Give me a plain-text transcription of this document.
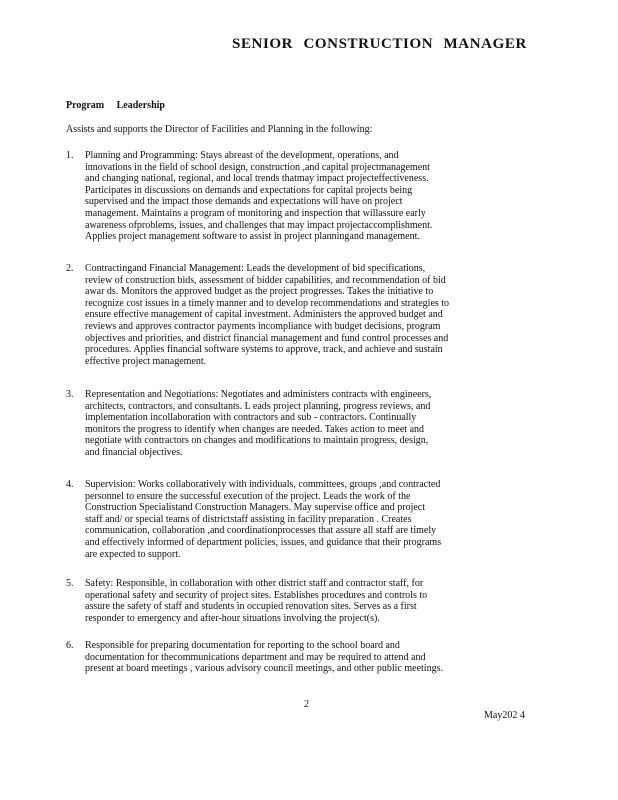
SENIOR CONSTRUCTION MANAGER
Program Leadership
Assists and supports the Director of Facilities and Planning in the following:
1. Planning and Programming: Stays abreast of the development, operations, and
innovations in the field of school design, construction ,and capital projectmanagement
and changing national, regional, and local trends thatmay impact projecteffectiveness.
Participates in discussions on demands and expectations for capital projects being
supervised and the impact those demands and expectations will have on project
management. Maintains a program of monitoring and inspection that willassure early
awareness ofproblems, issues, and challenges that may impact projectaccomplishment.
Applies project management software to assist in project planningand management.
2. Contractingand Financial Management: Leads the development of bid specifications,
review of construction bids, assessment of bidder capabilities, and recommendation of bid
awar ds. Monitors the approved budget as the project progresses. Takes the initiative to
recognize cost issues in a timely manner and to develop recommendations and strategies to
ensure effective management of capital investment. Administers the approved budget and
reviews and approves contractor payments incompliance with budget decisions, program
objectives and priorities, and district financial management and fund control processes and
procedures. Applies financial software systems to approve, track, and achieve and sustain
effective project management.
3. Representation and Negotiations: Negotiates and administers contracts with engineers,
architects, contractors, and consultants. L eads project planning, progress reviews, and
implementation incollaboration with contractors and sub - contractors. Continually
monitors the progress to identify when changes are needed. Takes action to meet and
negotiate with contractors on changes and modifications to maintain progress, design,
and financial objectives.
4. Supervision: Works collaboratively with individuals, committees, groups ,and contracted
personnel to ensure the successful execution of the project. Leads the work of the
Construction Specialistand Construction Managers. May supervise office and project
staff and/ or special teams of districtstaff assisting in facility preparation . Creates
communication, collaboration ,and coordinationprocesses that assure all staff are timely
and effectively informed of department policies, issues, and guidance that their programs
are expected to support.
5. Safety: Responsible, in collaboration with other district staff and contractor staff, for
operational safety and security of project sites. Establishes procedures and controls to
assure the safety of staff and students in occupied renovation sites. Serves as a first
responder to emergency and after-hour situations involving the project(s).
6. Responsible for preparing documentation for reporting to the school board and
documentation for thecommunications department and may be required to attend and
present at board meetings , various advisory council meetings, and other public meetings.
2
May202 4
